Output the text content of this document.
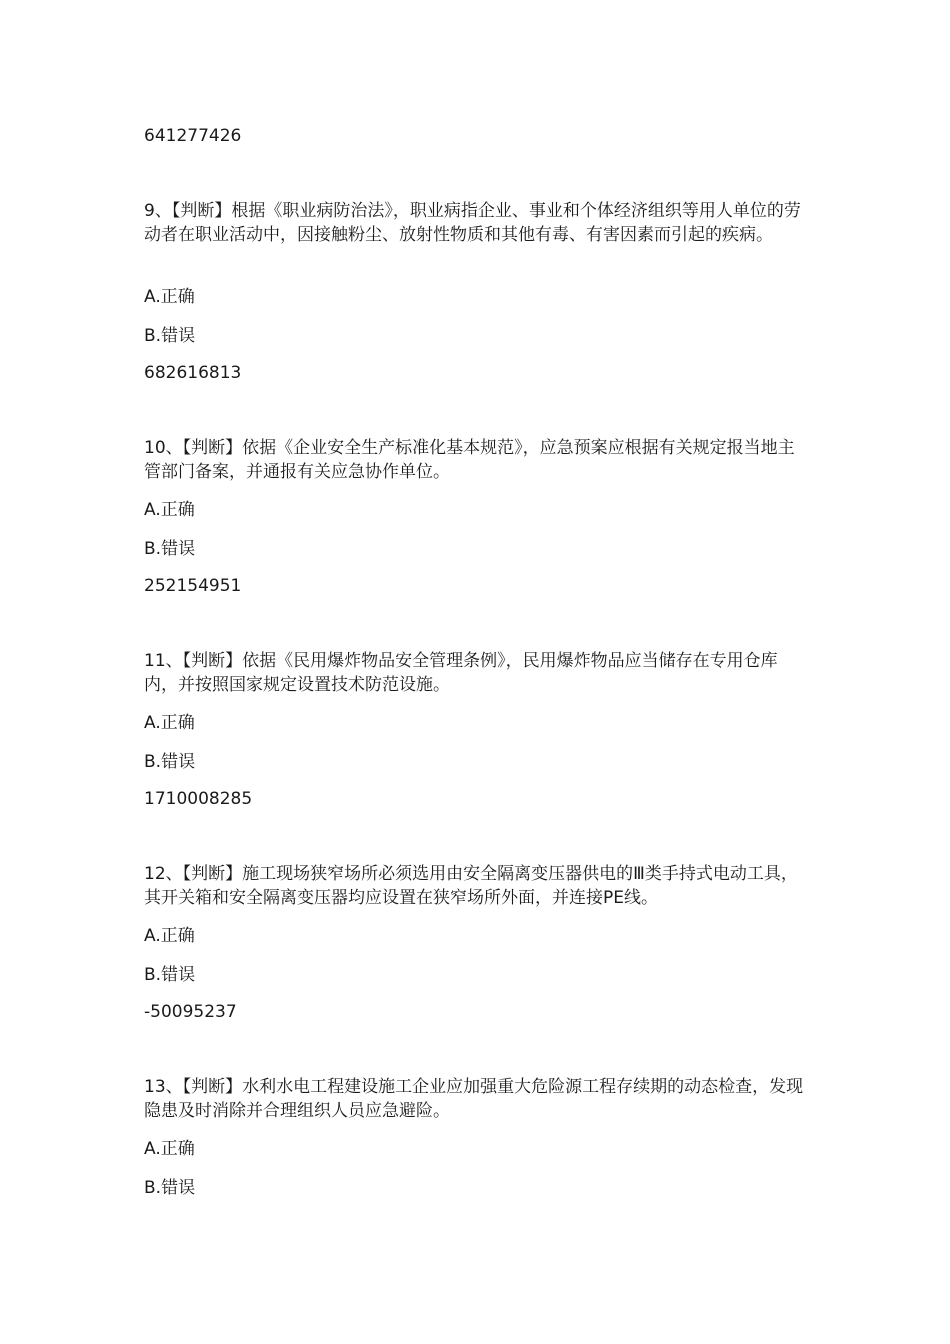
641277426

9、【判断】根据《职业病防治法》，职业病指企业、事业和个体经济组织等用人单位的劳动者在职业活动中，因接触粉尘、放射性物质和其他有毒、有害因素而引起的疾病。

A.正确

B.错误

682616813

10、【判断】依据《企业安全生产标准化基本规范》，应急预案应根据有关规定报当地主管部门备案，并通报有关应急协作单位。

A.正确

B.错误

252154951

11、【判断】依据《民用爆炸物品安全管理条例》，民用爆炸物品应当储存在专用仓库内，并按照国家规定设置技术防范设施。

A.正确

B.错误

1710008285

12、【判断】施工现场狭窄场所必须选用由安全隔离变压器供电的Ⅲ类手持式电动工具，其开关箱和安全隔离变压器均应设置在狭窄场所外面，并连接PE线。

A.正确

B.错误

-50095237

13、【判断】水利水电工程建设施工企业应加强重大危险源工程存续期的动态检查，发现隐患及时消除并合理组织人员应急避险。

A.正确

B.错误
